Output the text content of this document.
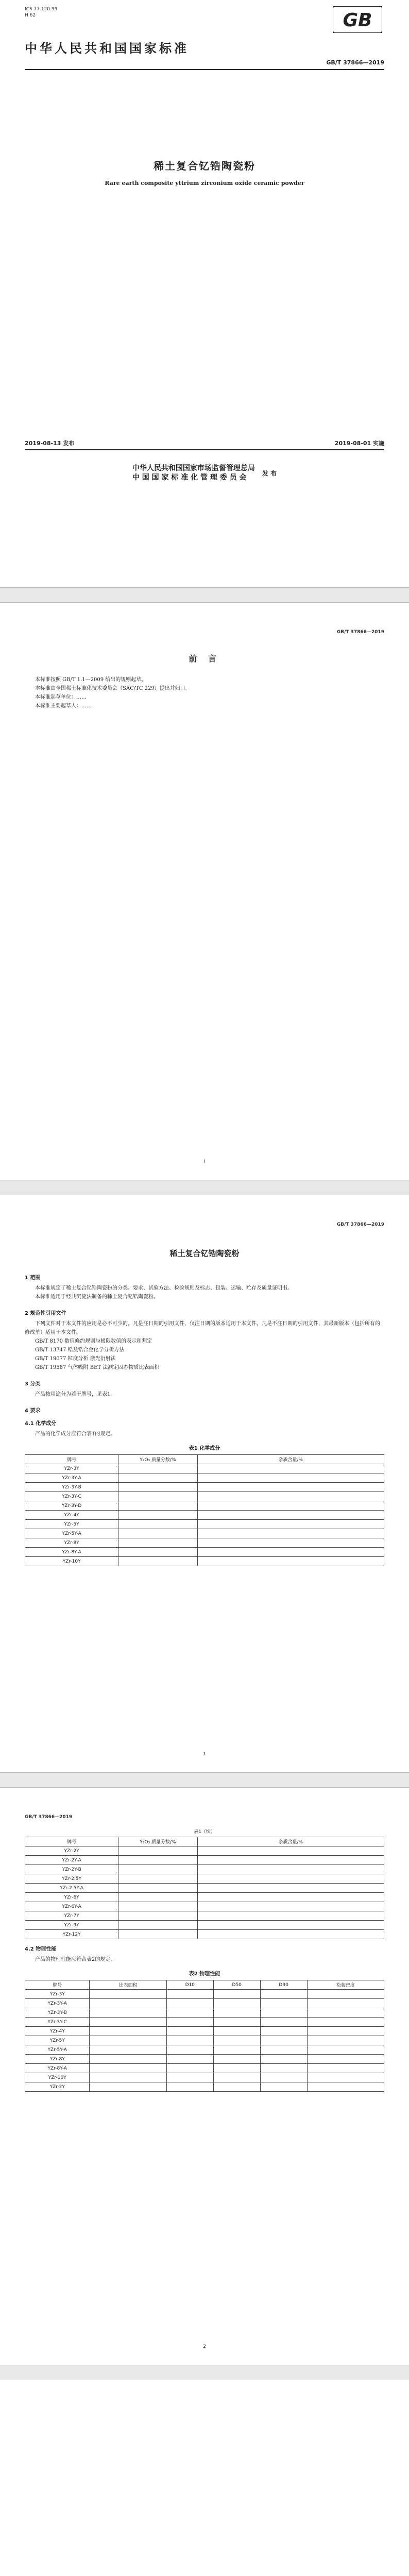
ICS 77.120.99
H 62	GB
中华人民共和国国家标准
GB/T 37866—2019
稀土复合钇锆陶瓷粉
Rare earth composite yttrium zirconium oxide ceramic powder
2019-08-13 发布	2019-08-01 实施
中华人民共和国国家市场监督管理总局
中 国 国 家 标 准 化 管 理 委 员 会
发 布
GB/T 37866—2019
前 言

本标准按照 GB/T 1.1—2009 给出的规则起草。

本标准由全国稀土标准化技术委员会（SAC/TC 229）提出并归口。

本标准起草单位：……

本标准主要起草人：……

I
GB/T 37866—2019
稀土复合钇锆陶瓷粉
1 范围

本标准规定了稀土复合钇锆陶瓷粉的分类、要求、试验方法、检验规则及标志、包装、运输、贮存及质量证明书。

本标准适用于经共沉淀法制备的稀土复合钇锆陶瓷粉。

2 规范性引用文件

下列文件对于本文件的应用是必不可少的。凡是注日期的引用文件，仅注日期的版本适用于本文件。凡是不注日期的引用文件，其最新版本（包括所有的修改单）适用于本文件。

GB/T 8170 数值修约规则与极限数值的表示和判定
GB/T 13747 锆及锆合金化学分析方法
GB/T 19077 粒度分析 激光衍射法
GB/T 19587 气体吸附 BET 法测定固态物质比表面积
3 分类

产品按用途分为若干牌号，见表1。

4 要求
4.1 化学成分

产品的化学成分应符合表1的规定。

表1 化学成分
牌号	Y₂O₃ 质量分数/%	杂质含量/%
YZr-3Y		
YZr-3Y-A		
YZr-3Y-B		
YZr-3Y-C		
YZr-3Y-D		
YZr-4Y		
YZr-5Y		
YZr-5Y-A		
YZr-8Y		
YZr-8Y-A		
YZr-10Y		
1
GB/T 37866—2019
表1（续）
牌号	Y₂O₃ 质量分数/%	杂质含量/%
YZr-2Y		
YZr-2Y-A		
YZr-2Y-B		
YZr-2.5Y		
YZr-2.5Y-A		
YZr-6Y		
YZr-6Y-A		
YZr-7Y		
YZr-9Y		
YZr-12Y		
4.2 物理性能

产品的物理性能应符合表2的规定。

表2 物理性能
牌号	比表面积	D10	D50	D90	松装密度
YZr-3Y					
YZr-3Y-A					
YZr-3Y-B					
YZr-3Y-C					
YZr-4Y					
YZr-5Y					
YZr-5Y-A					
YZr-8Y					
YZr-8Y-A					
YZr-10Y					
YZr-2Y					
2
